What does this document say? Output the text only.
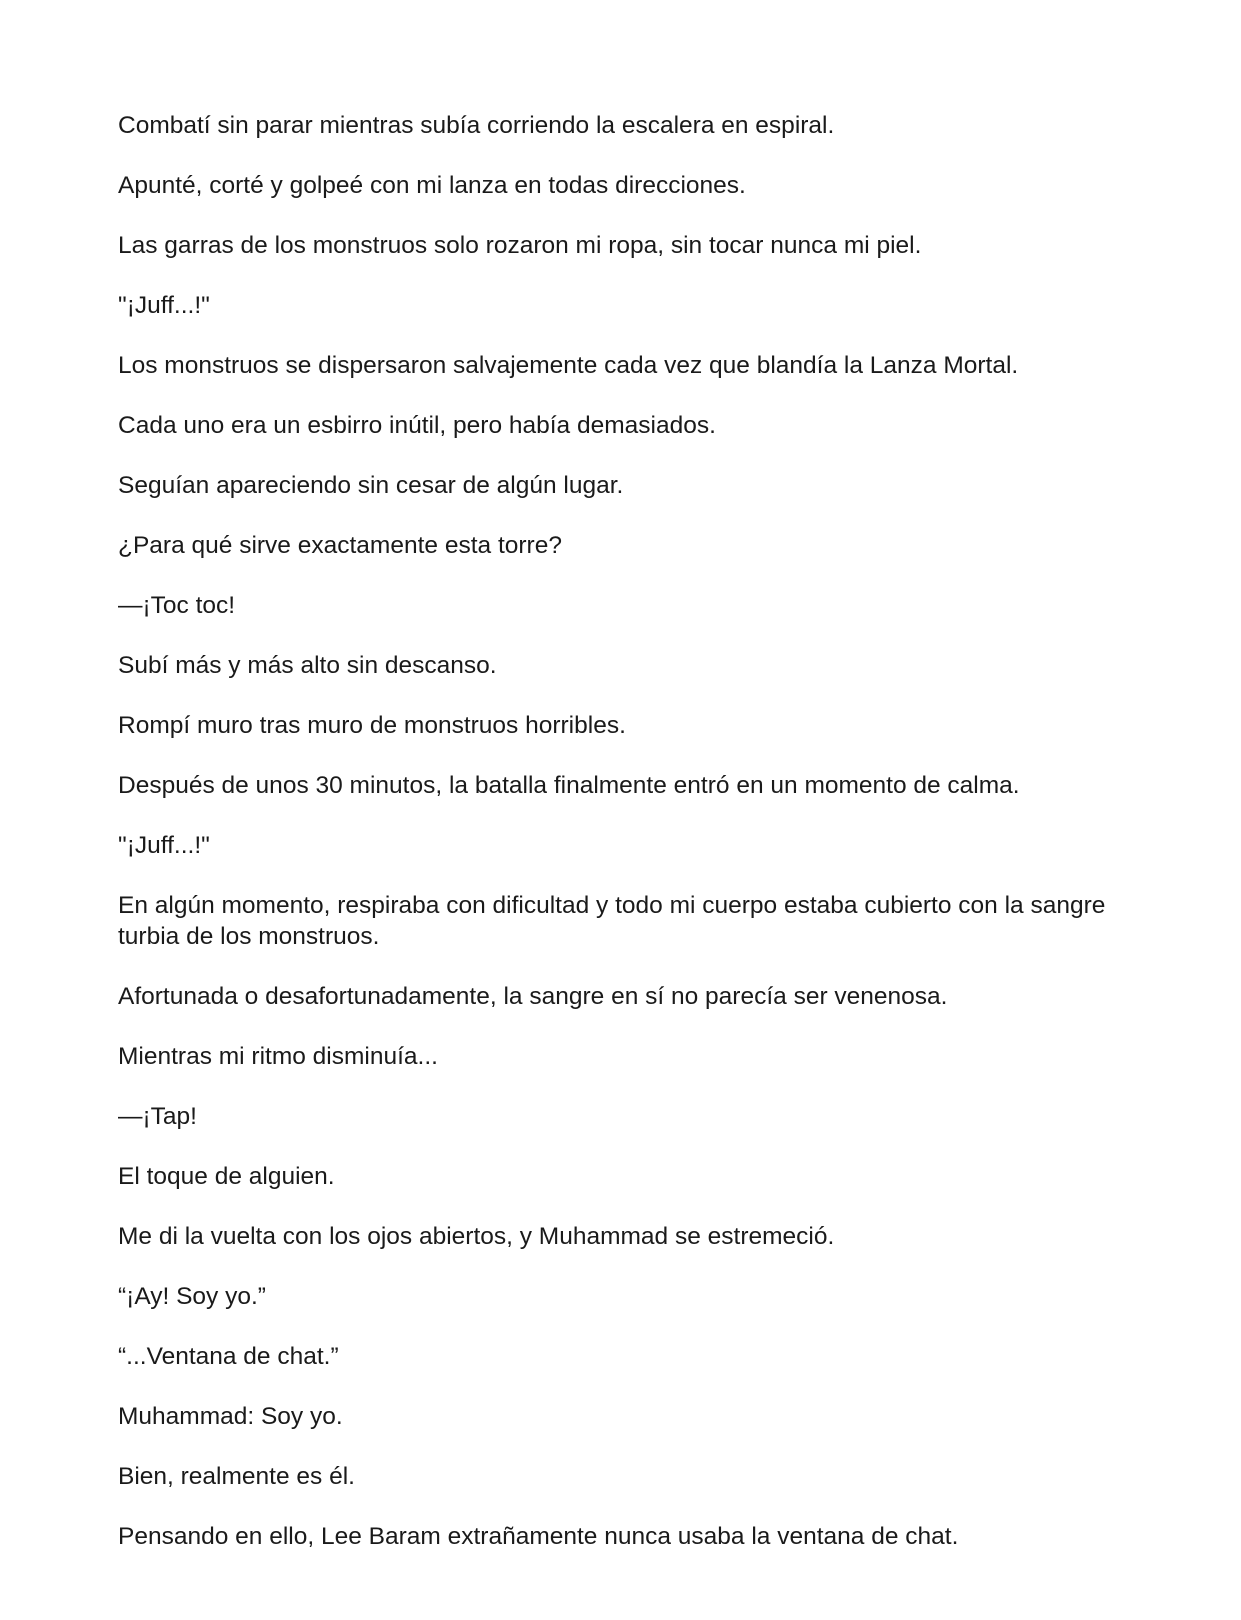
Combatí sin parar mientras subía corriendo la escalera en espiral.

Apunté, corté y golpeé con mi lanza en todas direcciones.

Las garras de los monstruos solo rozaron mi ropa, sin tocar nunca mi piel.

"¡Juff...!"

Los monstruos se dispersaron salvajemente cada vez que blandía la Lanza Mortal.

Cada uno era un esbirro inútil, pero había demasiados.

Seguían apareciendo sin cesar de algún lugar.

¿Para qué sirve exactamente esta torre?

—¡Toc toc!

Subí más y más alto sin descanso.

Rompí muro tras muro de monstruos horribles.

Después de unos 30 minutos, la batalla finalmente entró en un momento de calma.

"¡Juff...!"

En algún momento, respiraba con dificultad y todo mi cuerpo estaba cubierto con la sangre turbia de los monstruos.

Afortunada o desafortunadamente, la sangre en sí no parecía ser venenosa.

Mientras mi ritmo disminuía...

—¡Tap!

El toque de alguien.

Me di la vuelta con los ojos abiertos, y Muhammad se estremeció.

“¡Ay! Soy yo.”

“...Ventana de chat.”

Muhammad: Soy yo.

Bien, realmente es él.

Pensando en ello, Lee Baram extrañamente nunca usaba la ventana de chat.
